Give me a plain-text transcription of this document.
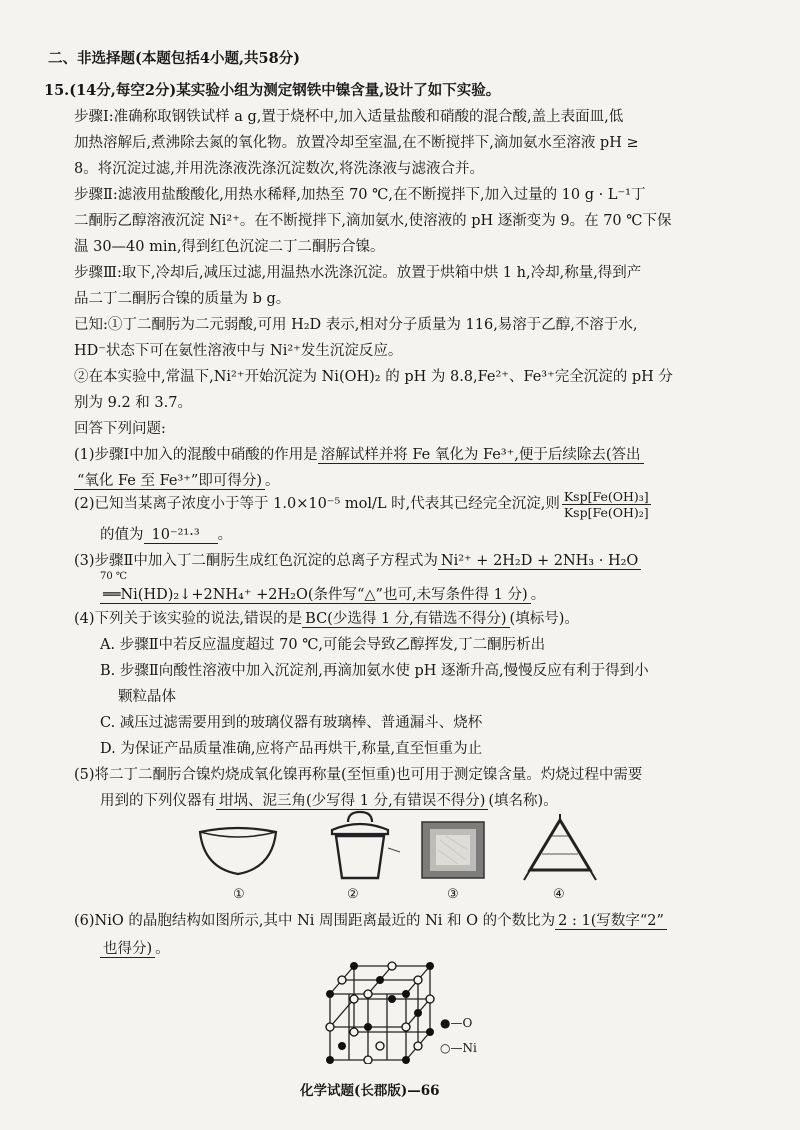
二、非选择题(本题包括4小题,共58分)
15.(14分,每空2分)某实验小组为测定钢铁中镍含量,设计了如下实验。
步骤Ⅰ:准确称取钢铁试样 a g,置于烧杯中,加入适量盐酸和硝酸的混合酸,盖上表面皿,低
加热溶解后,煮沸除去氮的氧化物。放置冷却至室温,在不断搅拌下,滴加氨水至溶液 pH ≥
8。将沉淀过滤,并用洗涤液洗涤沉淀数次,将洗涤液与滤液合并。
步骤Ⅱ:滤液用盐酸酸化,用热水稀释,加热至 70 ℃,在不断搅拌下,加入过量的 10 g · L⁻¹丁
二酮肟乙醇溶液沉淀 Ni²⁺。在不断搅拌下,滴加氨水,使溶液的 pH 逐渐变为 9。在 70 ℃下保
温 30—40 min,得到红色沉淀二丁二酮肟合镍。
步骤Ⅲ:取下,冷却后,减压过滤,用温热水洗涤沉淀。放置于烘箱中烘 1 h,冷却,称量,得到产
品二丁二酮肟合镍的质量为 b g。
已知:①丁二酮肟为二元弱酸,可用 H₂D 表示,相对分子质量为 116,易溶于乙醇,不溶于水,
HD⁻状态下可在氨性溶液中与 Ni²⁺发生沉淀反应。
②在本实验中,常温下,Ni²⁺开始沉淀为 Ni(OH)₂ 的 pH 为 8.8,Fe²⁺、Fe³⁺完全沉淀的 pH 分
别为 9.2 和 3.7。
回答下列问题:
(1)步骤Ⅰ中加入的混酸中硝酸的作用是 溶解试样并将 Fe 氧化为 Fe³⁺,便于后续除去(答出
“氧化 Fe 至 Fe³⁺”即可得分) 。
(2)已知当某离子浓度小于等于 1.0×10⁻⁵ mol/L 时,代表其已经完全沉淀,则 $\frac{\text{Ksp[Fe(OH)₃]}}{\text{Ksp[Fe(OH)₂]}}$
的值为 10⁻²¹·³ 。
(3)步骤Ⅱ中加入丁二酮肟生成红色沉淀的总离子方程式为 Ni²⁺ + 2H₂D + 2NH₃ · H₂O
70 ℃
══Ni(HD)₂↓+2NH₄⁺ +2H₂O(条件写“△”也可,未写条件得 1 分) 。
(4)下列关于该实验的说法,错误的是 BC(少选得 1 分,有错选不得分) (填标号)。
A. 步骤Ⅱ中若反应温度超过 70 ℃,可能会导致乙醇挥发,丁二酮肟析出
B. 步骤Ⅱ向酸性溶液中加入沉淀剂,再滴加氨水使 pH 逐渐升高,慢慢反应有利于得到小
颗粒晶体
C. 减压过滤需要用到的玻璃仪器有玻璃棒、普通漏斗、烧杯
D. 为保证产品质量准确,应将产品再烘干,称量,直至恒重为止
(5)将二丁二酮肟合镍灼烧成氧化镍再称量(至恒重)也可用于测定镍含量。灼烧过程中需要
用到的下列仪器有 坩埚、泥三角(少写得 1 分,有错误不得分) (填名称)。
①	②	③	④
(6)NiO 的晶胞结构如图所示,其中 Ni 周围距离最近的 Ni 和 O 的个数比为 2 : 1(写数字“2”
也得分) 。
●—O
○—Ni
化学试题(长郡版)—66
